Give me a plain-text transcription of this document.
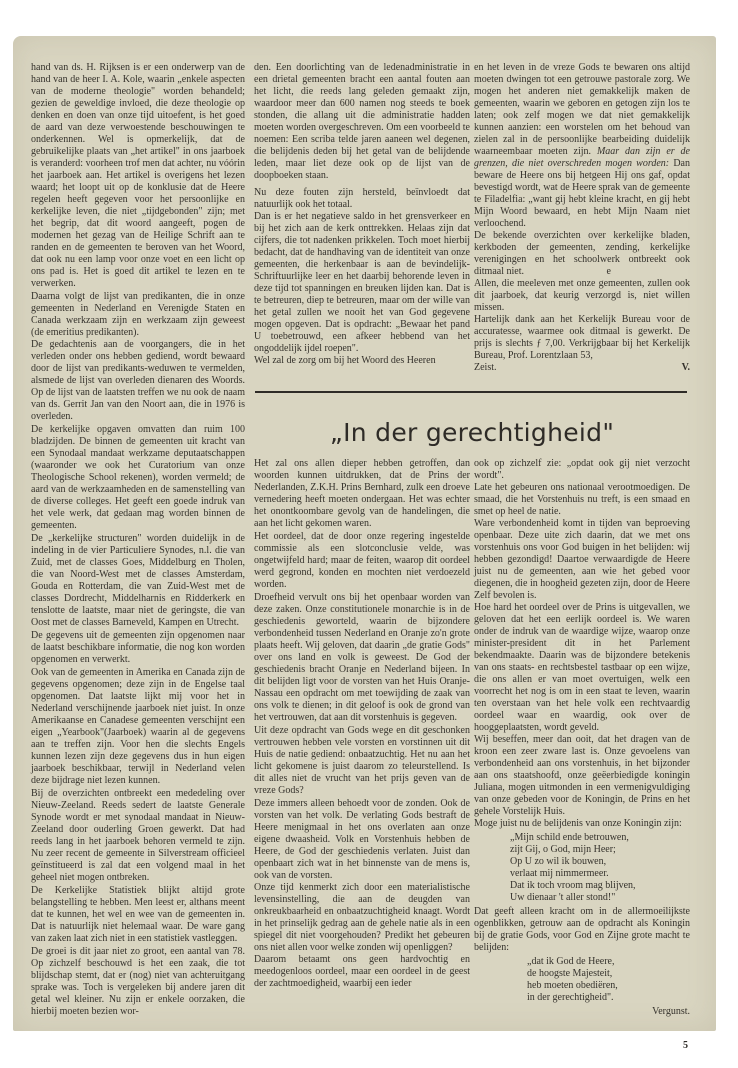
hand van ds. H. Rijksen is er een onderwerp van de hand van de heer I. A. Kole, waarin „enkele aspecten van de moderne theologie" worden behandeld; gezien de geweldige invloed, die deze theologie op denken en doen van onze tijd uitoefent, is het goed de aard van deze verwoestende beschouwingen te onderkennen. Wel is opmerkelijk, dat de gebruikelijke plaats van „het artikel" in ons jaarboek is veranderd: voorheen trof men dat achter, nu vóórin het jaarboek aan. Het artikel is overigens het lezen waard; het loopt uit op de konklusie dat de Heere regelen heeft gegeven voor het persoonlijke en kerkelijke leven, die niet „tijdgebonden" zijn; met het begrip, dat dit woord aangeeft, pogen de modernen het gezag van de Heilige Schrift aan te randen en de gemeenten te beroven van het Woord, dat ook nu een lamp voor onze voet en een licht op ons pad is. Het is goed dit artikel te lezen en te verwerken.

Daarna volgt de lijst van predikanten, die in onze gemeenten in Nederland en Verenigde Staten en Canada werkzaam zijn en werkzaam zijn geweest (de emeritius predikanten).

De gedachtenis aan de voorgangers, die in het verleden onder ons hebben gediend, wordt bewaard door de lijst van predikants-weduwen te vermelden, alsmede de lijst van overleden dienaren des Woords. Op de lijst van de laatsten treffen we nu ook de naam van ds. Gerrit Jan van den Noort aan, die in 1976 is overleden.

De kerkelijke opgaven omvatten dan ruim 100 bladzijden. De binnen de gemeenten uit kracht van een Synodaal mandaat werkzame deputaatschappen (waaronder we ook het Curatorium van onze Theologische School rekenen), worden vermeld; de aard van de werkzaamheden en de samenstelling van de diverse colleges. Het geeft een goede indruk van het vele werk, dat gedaan mag worden binnen de gemeenten.

De „kerkelijke structuren" worden duidelijk in de indeling in de vier Particuliere Synodes, n.l. die van Zuid, met de classes Goes, Middelburg en Tholen, die van Noord-West met de classes Amsterdam, Gouda en Rotterdam, die van Zuid-West met de classes Dordrecht, Middelharnis en Ridderkerk en tenslotte de laatste, maar niet de geringste, die van Oost met de classes Barneveld, Kampen en Utrecht.

De gegevens uit de gemeenten zijn opgenomen naar de laatst beschikbare informatie, die nog kon worden opgenomen en verwerkt.

Ook van de gemeenten in Amerika en Canada zijn de gegevens opgenomen; deze zijn in de Engelse taal opgenomen. Dat laatste lijkt mij voor het in Nederland verschijnende jaarboek niet juist. In onze Amerikaanse en Canadese gemeenten verschijnt een eigen „Yearbook"(Jaarboek) waarin al de gegevens aan te treffen zijn. Voor hen die slechts Engels kunnen lezen zijn deze gegevens dus in hun eigen jaarboek beschikbaar, terwijl in Nederland velen deze bijdrage niet lezen kunnen.

Bij de overzichten ontbreekt een mededeling over Nieuw-Zeeland. Reeds sedert de laatste Generale Synode wordt er met synodaal mandaat in Nieuw-Zeeland door ouderling Groen gewerkt. Dat had reeds lang in het jaarboek behoren vermeld te zijn. Nu zeer recent de gemeente in Silverstream officieel geïnstitueerd is zal dat een volgend maal in het geheel niet mogen ontbreken.

De Kerkelijke Statistiek blijkt altijd grote belangstelling te hebben. Men leest er, althans meent dat te kunnen, het wel en wee van de gemeenten in. Dat is natuurlijk niet helemaal waar. De ware gang van zaken laat zich niet in een statistiek vastleggen.

De groei is dit jaar niet zo groot, een aantal van 78. Op zichzelf beschouwd is het een zaak, die tot blijdschap stemt, dat er (nog) niet van achteruitgang sprake was. Toch is vergeleken bij andere jaren dit getal wel kleiner. Nu zijn er enkele oorzaken, die hierbij moeten bezien wor-

den. Een doorlichting van de ledenadministratie in een drietal gemeenten bracht een aantal fouten aan het licht, die reeds lang geleden gemaakt zijn, waardoor meer dan 600 namen nog steeds te boek stonden, die allang uit die administratie hadden moeten worden overgeschreven. Om een voorbeeld te noemen: Een scriba telde jaren aaneen wel degenen, die belijdenis deden bij het getal van de belijdende leden, maar liet deze ook op de lijst van de doopboeken staan.

Nu deze fouten zijn hersteld, beïnvloedt dat natuurlijk ook het totaal.

Dan is er het negatieve saldo in het grensverkeer en bij het zich aan de kerk onttrekken. Helaas zijn dat cijfers, die tot nadenken prikkelen. Toch moet hierbij bedacht, dat de handhaving van de identiteit van onze gemeenten, die herkenbaar is aan de bevindelijk-Schriftuurlijke leer en het daarbij behorende leven in deze tijd tot spanningen en breuken lijden kan. Dat is te betreuren, diep te betreuren, maar om der wille van het getal zullen we nooit het van God gegevene mogen opgeven. Dat is opdracht: „Bewaar het pand U toebetrouwd, een afkeer hebbend van het ongoddelijk ijdel roepen".

Wel zal de zorg om bij het Woord des Heeren

en het leven in de vreze Gods te bewaren ons altijd moeten dwingen tot een getrouwe pastorale zorg. We mogen het anderen niet gemakkelijk maken de gemeenten, waarin we geboren en getogen zijn los te laten; ook zelf mogen we dat niet gemakkelijk kunnen aanzien: een worstelen om het behoud van zielen zal in de persoonlijke bearbeiding duidelijk waarneembaar moeten zijn. Maar dan zijn er de grenzen, die niet overschreden mogen worden: Dan beware de Heere ons bij hetgeen Hij ons gaf, opdat bevestigd wordt, wat de Heere sprak van de gemeente te Filadelfia: „want gij hebt kleine kracht, en gij hebt Mijn Woord bewaard, en hebt Mijn Naam niet verloochend.

De bekende overzichten over kerkelijke bladen, kerkboden der gemeenten, zending, kerkelijke verenigingen en het schoolwerk ontbreekt ook ditmaal niet.	e

Allen, die meeleven met onze gemeenten, zullen ook dit jaarboek, dat keurig verzorgd is, niet willen missen.

Hartelijk dank aan het Kerkelijk Bureau voor de accuratesse, waarmee ook ditmaal is gewerkt. De prijs is slechts ƒ 7,00. Verkrijgbaar bij het Kerkelijk Bureau, Prof. Lorentzlaan 53,

Zeist.	V.
„In der gerechtigheid"

Het zal ons allen dieper hebben getroffen, dan woorden kunnen uitdrukken, dat de Prins der Nederlanden, Z.K.H. Prins Bernhard, zulk een droeve vernedering heeft moeten ondergaan. Het was echter het onontkoombare gevolg van de handelingen, die aan het licht gekomen waren.

Het oordeel, dat de door onze regering ingestelde commissie als een slotconclusie velde, was ongetwijfeld hard; maar de feiten, waarop dit oordeel werd gegrond, konden en mochten niet verdoezeld worden.

Droefheid vervult ons bij het openbaar worden van deze zaken. Onze constitutionele monarchie is in de geschiedenis geworteld, waarin de bijzondere verbondenheid tussen Nederland en Oranje zo'n grote plaats heeft. Wij geloven, dat daarin „de gratie Gods" over ons land en volk is geweest. De God der geschiedenis bracht Oranje en Nederland bijeen. In dit belijden ligt voor de vorsten van het Huis Oranje-Nassau een opdracht om met toewijding de zaak van ons volk te dienen; in dit geloof is ook de grond van het vertrouwen, dat aan dit vorstenhuis is gegeven.

Uit deze opdracht van Gods wege en dit geschonken vertrouwen hebben vele vorsten en vorstinnen uit dit Huis de natie gediend: onbaatzuchtig. Het nu aan het licht gekomene is juist daarom zo teleurstellend. Is dit alles niet de vrucht van het prijs geven van de vreze Gods?

Deze immers alleen behoedt voor de zonden. Ook de vorsten van het volk. De verlating Gods bestraft de Heere menigmaal in het ons overlaten aan onze eigene dwaasheid. Volk en Vorstenhuis hebben de Heere, de God der geschiedenis verlaten. Juist dan openbaart zich wat in het binnenste van de mens is, ook van de vorsten.

Onze tijd kenmerkt zich door een materialistische levensinstelling, die aan de deugden van onkreukbaarheid en onbaatzuchtigheid knaagt. Wordt in het prinselijk gedrag aan de gehele natie als in een spiegel dit niet voorgehouden? Predikt het gebeuren ons niet allen voor welke zonden wij openliggen?

Daarom betaamt ons geen hardvochtig en meedogenloos oordeel, maar een oordeel in de geest der zachtmoedigheid, waarbij een ieder

ook op zichzelf zie: „opdat ook gij niet verzocht wordt".

Late het gebeuren ons nationaal verootmoedigen. De smaad, die het Vorstenhuis nu treft, is een smaad en smet op heel de natie.

Ware verbondenheid komt in tijden van beproeving openbaar. Deze uite zich daarin, dat we met ons vorstenhuis ons voor God buigen in het belijden: wij hebben gezondigd! Daartoe verwaardigde de Heere juist nu de gemeenten, aan wie het gebed voor diegenen, die in hoogheid gezeten zijn, door de Heere Zelf bevolen is.

Hoe hard het oordeel over de Prins is uitgevallen, we geloven dat het een eerlijk oordeel is. We waren onder de indruk van de waardige wijze, waarop onze minister-president dit in het Parlement bekendmaakte. Daarin was de bijzondere betekenis van ons staats- en rechtsbestel tastbaar op een wijze, die ons allen er van moet overtuigen, welk een voorrecht het nog is om in een staat te leven, waarin ten overstaan van het hele volk een rechtvaardig oordeel waar en waardig, ook over de hooggeplaatsten, wordt geveld.

Wij beseffen, meer dan ooit, dat het dragen van de kroon een zeer zware last is. Onze gevoelens van verbondenheid aan ons vorstenhuis, in het bijzonder aan ons staatshoofd, onze geëerbiedigde koningin Juliana, mogen uitmonden in een vermenigvuldiging van onze gebeden voor de Koningin, de Prins en het gehele Vorstelijk Huis.

Moge juist nu de belijdenis van onze Koningin zijn:

„Mijn schild ende betrouwen,
zijt Gij, o God, mijn Heer;
Op U zo wil ik bouwen,
verlaat mij nimmermeer.
Dat ik toch vroom mag blijven,
Uw dienaar 't aller stond!"

Dat geeft alleen kracht om in de allermoeilijkste ogenblikken, getrouw aan de opdracht als Koningin bij de gratie Gods, voor God en Zijne grote macht te belijden:

„dat ik God de Heere,
de hoogste Majesteit,
heb moeten obediëren,
in der gerechtigheid".
Vergunst.
5
